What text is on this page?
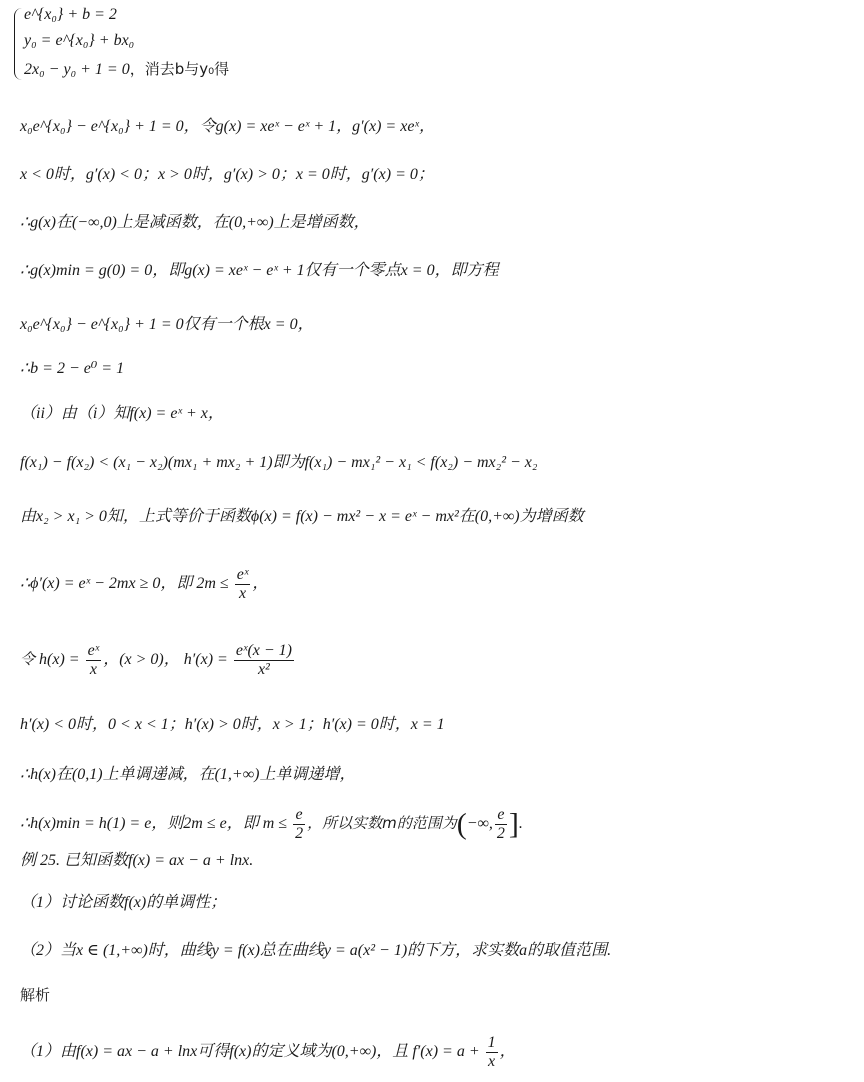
e^{x₀} + b = 2
y₀ = e^{x₀} + bx₀
2x₀ − y₀ + 1 = 0，消去b与y₀得
x₀e^{x₀} − e^{x₀} + 1 = 0，令g(x) = xeˣ − eˣ + 1，g′(x) = xeˣ，
x < 0时，g′(x) < 0；x > 0时，g′(x) > 0；x = 0时，g′(x) = 0；
∴g(x)在(−∞,0)上是减函数，在(0,+∞)上是增函数，
∴g(x)min = g(0) = 0，即g(x) = xeˣ − eˣ + 1仅有一个零点x = 0，即方程
x₀e^{x₀} − e^{x₀} + 1 = 0仅有一个根x = 0，
∴b = 2 − e⁰ = 1
（ii）由（i）知f(x) = eˣ + x，
f(x₁) − f(x₂) < (x₁ − x₂)(mx₁ + mx₂ + 1)即为f(x₁) − mx₁² − x₁ < f(x₂) − mx₂² − x₂
由x₂ > x₁ > 0知，上式等价于函数ϕ(x) = f(x) − mx² − x = eˣ − mx²在(0,+∞)为增函数
∴ϕ′(x) = eˣ − 2mx ≥ 0，即 $2m \le \frac{\text{eˣ}}{x}$ ，
令 $h(x) = \frac{\text{eˣ}}{x}$ ，(x > 0)， $h'(x) = \frac{\text{eˣ(x − 1)}}{\text{x²}}$
h′(x) < 0时，0 < x < 1；h′(x) > 0时，x > 1；h′(x) = 0时，x = 1
∴h(x)在(0,1)上单调递减，在(1,+∞)上单调递增，
∴h(x)min = h(1) = e，则2m ≤ e，即 $m \le \frac{e}{2}$ ，所以实数m的范围为(−∞, $\frac{e}{2}$ ].
例 25. 已知函数f(x) = ax − a + lnx.
（1）讨论函数f(x)的单调性；
（2）当x ∈ (1,+∞)时，曲线y = f(x)总在曲线y = a(x² − 1)的下方，求实数a的取值范围.
解析
（1）由f(x) = ax − a + lnx可得f(x)的定义域为(0,+∞)，且 $f'(x) = a + \frac{1}{x}$ ，
